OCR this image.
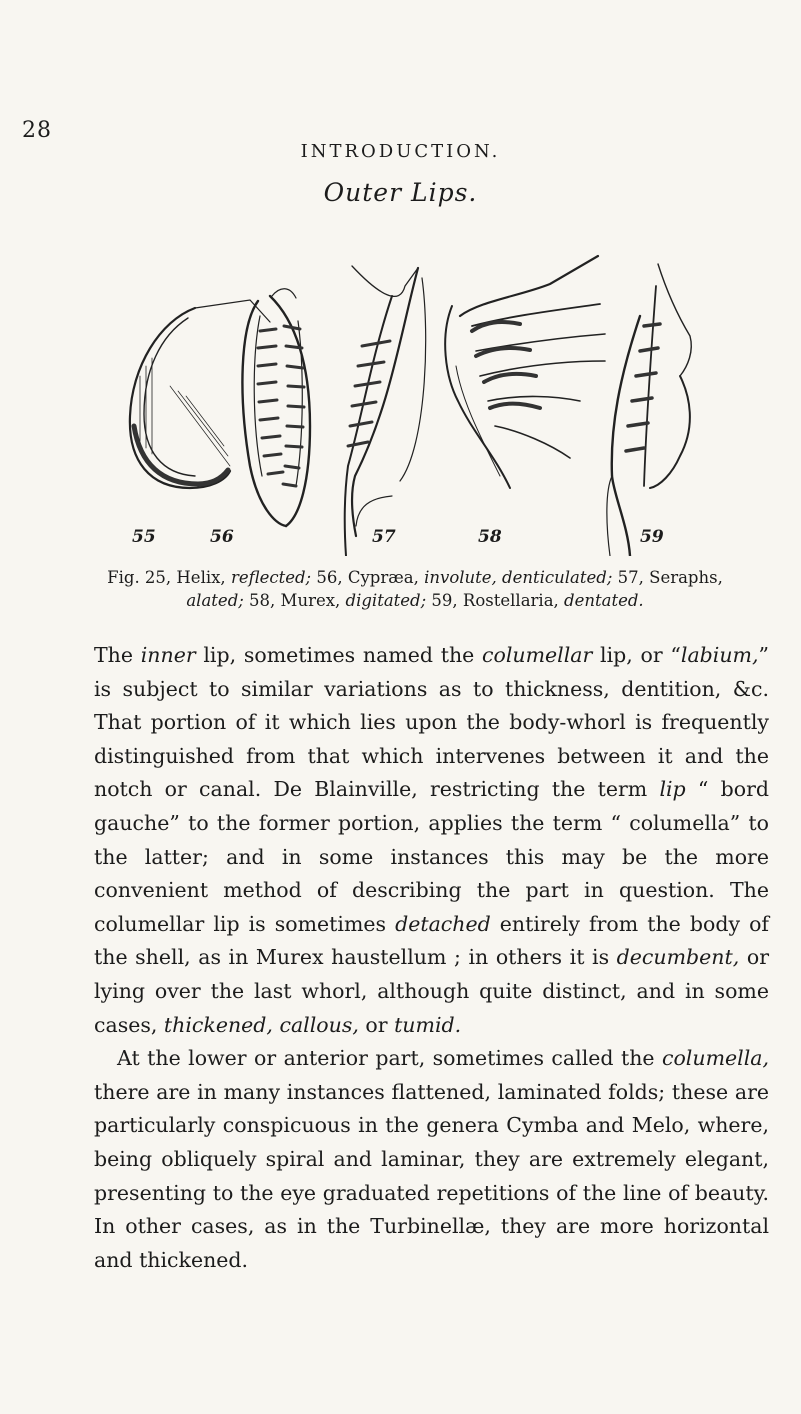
28
INTRODUCTION.
Outer Lips.
55	56	57	58	59
Fig. 25, Helix, reflected; 56, Cypræa, involute, denticulated; 57, Seraphs, alated; 58, Murex, digitated; 59, Rostellaria, dentated.

The inner lip, sometimes named the columellar lip, or “labium,” is subject to similar variations as to thickness, dentition, &c. That portion of it which lies upon the body-whorl is frequently distinguished from that which intervenes between it and the notch or canal. De Blainville, restricting the term lip “ bord gauche” to the former portion, applies the term “ columella” to the latter; and in some instances this may be the more convenient method of describing the part in question. The columellar lip is sometimes detached entirely from the body of the shell, as in Murex haustellum ; in others it is decumbent, or lying over the last whorl, although quite distinct, and in some cases, thickened, callous, or tumid.

At the lower or anterior part, sometimes called the columella, there are in many instances flattened, laminated folds; these are particularly conspicuous in the genera Cymba and Melo, where, being obliquely spiral and laminar, they are extremely elegant, presenting to the eye graduated repetitions of the line of beauty. In other cases, as in the Turbinellæ, they are more horizontal and thickened.
